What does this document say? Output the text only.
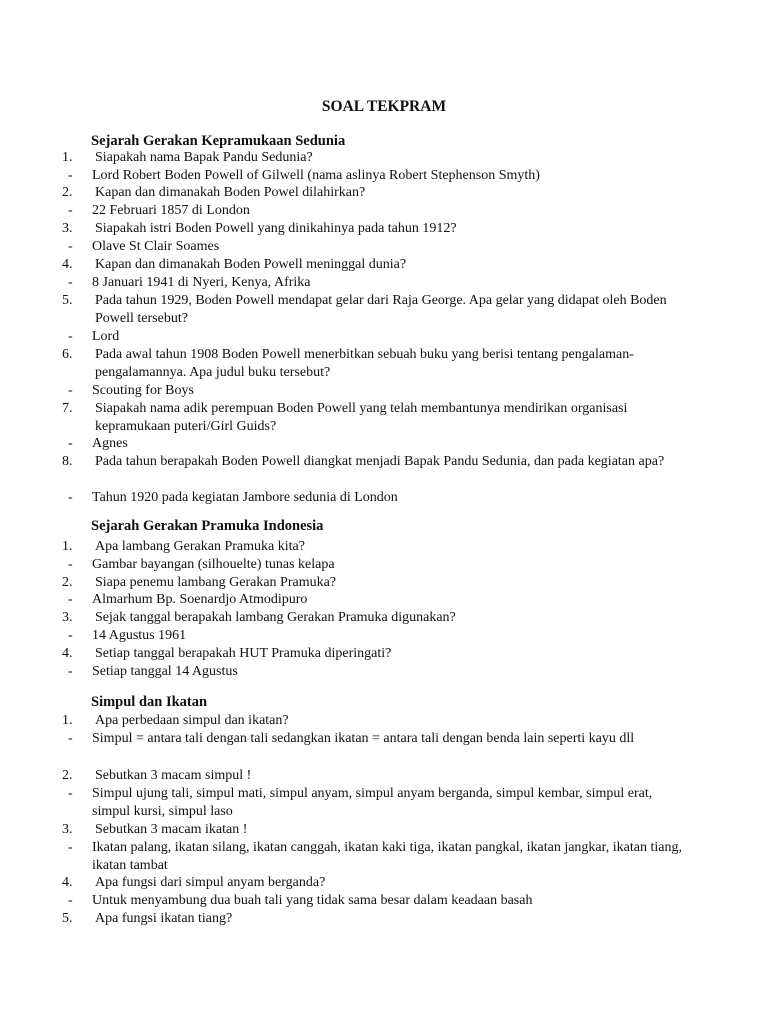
SOAL TEKPRAM
Sejarah Gerakan Kepramukaan Sedunia
1. Siapakah nama Bapak Pandu Sedunia?
- Lord Robert Boden Powell of Gilwell (nama aslinya Robert Stephenson Smyth)
2. Kapan dan dimanakah Boden Powel dilahirkan?
- 22 Februari 1857 di London
3. Siapakah istri Boden Powell yang dinikahinya pada tahun 1912?
- Olave St Clair Soames
4. Kapan dan dimanakah Boden Powell meninggal dunia?
- 8 Januari 1941 di Nyeri, Kenya, Afrika
5. Pada tahun 1929, Boden Powell mendapat gelar dari Raja George. Apa gelar yang didapat oleh Boden Powell tersebut?
- Lord
6. Pada awal tahun 1908 Boden Powell menerbitkan sebuah buku yang berisi tentang pengalaman-pengalamannya. Apa judul buku tersebut?
- Scouting for Boys
7. Siapakah nama adik perempuan Boden Powell yang telah membantunya mendirikan organisasi kepramukaan puteri/Girl Guids?
- Agnes
8. Pada tahun berapakah Boden Powell diangkat menjadi Bapak Pandu Sedunia, dan pada kegiatan apa?
- Tahun 1920 pada kegiatan Jambore sedunia di London
Sejarah Gerakan Pramuka Indonesia
1. Apa lambang Gerakan Pramuka kita?
- Gambar bayangan (silhouelte) tunas kelapa
2. Siapa penemu lambang Gerakan Pramuka?
- Almarhum Bp. Soenardjo Atmodipuro
3. Sejak tanggal berapakah lambang Gerakan Pramuka digunakan?
- 14 Agustus 1961
4. Setiap tanggal berapakah HUT Pramuka diperingati?
- Setiap tanggal 14 Agustus
Simpul dan Ikatan
1. Apa perbedaan simpul dan ikatan?
- Simpul = antara tali dengan tali sedangkan ikatan = antara tali dengan benda lain seperti kayu dll
2. Sebutkan 3 macam simpul !
- Simpul ujung tali, simpul mati, simpul anyam, simpul anyam berganda, simpul kembar, simpul erat, simpul kursi, simpul laso
3. Sebutkan 3 macam ikatan !
- Ikatan palang, ikatan silang, ikatan canggah, ikatan kaki tiga, ikatan pangkal, ikatan jangkar, ikatan tiang, ikatan tambat
4. Apa fungsi dari simpul anyam berganda?
- Untuk menyambung dua buah tali yang tidak sama besar dalam keadaan basah
5. Apa fungsi ikatan tiang?
